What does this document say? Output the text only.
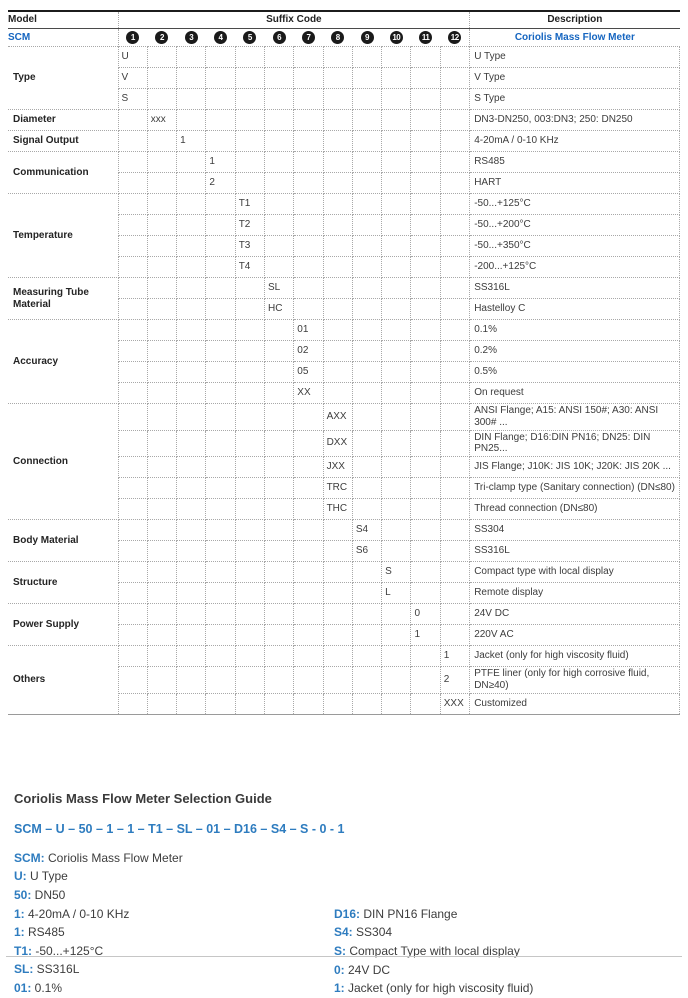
Model	Suffix Code												Description
SCM	1	2	3	4	5	6	7	8	9	10	11	12	Coriolis Mass Flow Meter
Type	U												U Type
	V												V Type
	S												S Type
Diameter		xxx											DN3-DN250, 003:DN3; 250: DN250
Signal Output			1										4-20mA / 0-10 KHz
Communication				1									RS485
				2									HART
Temperature					T1								-50...+125°C
					T2								-50...+200°C
					T3								-50...+350°C
					T4								-200...+125°C
Measuring Tube Material						SL							SS316L
						HC							Hastelloy C
Accuracy							01						0.1%
							02						0.2%
							05						0.5%
							XX						On request
Connection								AXX					ANSI Flange; A15: ANSI 150#; A30: ANSI 300# ...
								DXX					DIN Flange; D16:DIN PN16; DN25: DIN PN25...
								JXX					JIS Flange; J10K: JIS 10K; J20K: JIS 20K ...
								TRC					Tri-clamp type (Sanitary connection) (DN≤80)
								THC					Thread connection (DN≤80)
Body Material									S4				SS304
									S6				SS316L
Structure										S			Compact type with local display
										L			Remote display
Power Supply											0		24V DC
											1		220V AC
Others												1	Jacket (only for high viscosity fluid)
												2	PTFE liner (only for high corrosive fluid, DN≥40)
												XXX	Customized
Coriolis Mass Flow Meter Selection Guide
SCM – U – 50 – 1 – 1 – T1 – SL – 01 – D16 – S4 – S - 0 - 1
SCM: Coriolis Mass Flow Meter
U: U Type
50: DN50
1: 4-20mA / 0-10 KHz
1: RS485
T1: -50...+125°C
SL: SS316L
01: 0.1%
D16: DIN PN16 Flange
S4: SS304
S: Compact Type with local display
0: 24V DC
1: Jacket (only for high viscosity fluid)
